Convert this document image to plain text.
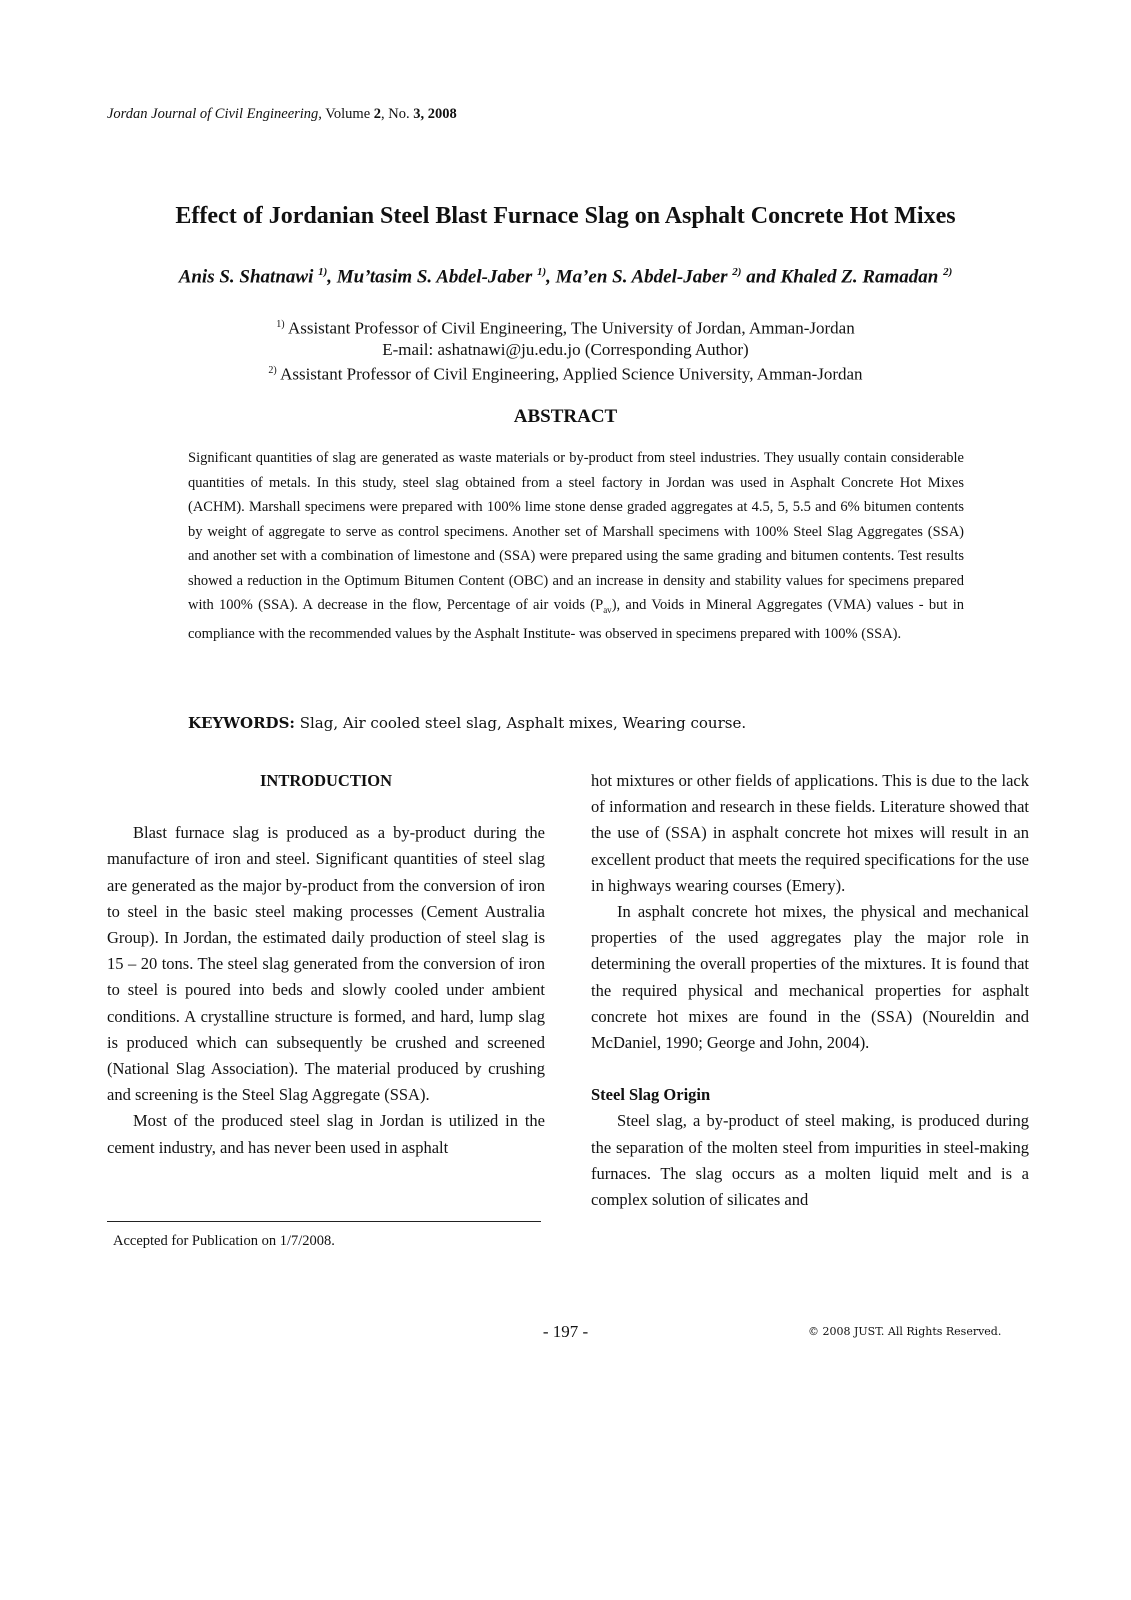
Jordan Journal of Civil Engineering, Volume 2, No. 3, 2008
Effect of Jordanian Steel Blast Furnace Slag on Asphalt Concrete Hot Mixes
Anis S. Shatnawi $^{1)}$, Mu’tasim S. Abdel-Jaber $^{1)}$, Ma’en S. Abdel-Jaber $^{2)}$ and Khaled Z. Ramadan $^{2)}$
$^{1)}$ Assistant Professor of Civil Engineering, The University of Jordan, Amman-Jordan
E-mail: ashatnawi@ju.edu.jo (Corresponding Author)
$^{2)}$ Assistant Professor of Civil Engineering, Applied Science University, Amman-Jordan
ABSTRACT
Significant quantities of slag are generated as waste materials or by-product from steel industries. They usually contain considerable quantities of metals. In this study, steel slag obtained from a steel factory in Jordan was used in Asphalt Concrete Hot Mixes (ACHM). Marshall specimens were prepared with 100% lime stone dense graded aggregates at 4.5, 5, 5.5 and 6% bitumen contents by weight of aggregate to serve as control specimens. Another set of Marshall specimens with 100% Steel Slag Aggregates (SSA) and another set with a combination of limestone and (SSA) were prepared using the same grading and bitumen contents. Test results showed a reduction in the Optimum Bitumen Content (OBC) and an increase in density and stability values for specimens prepared with 100% (SSA). A decrease in the flow, Percentage of air voids $(P_{av})$, and Voids in Mineral Aggregates (VMA) values - but in compliance with the recommended values by the Asphalt Institute- was observed in specimens prepared with 100% (SSA).
KEYWORDS: Slag, Air cooled steel slag, Asphalt mixes, Wearing course.
INTRODUCTION

Blast furnace slag is produced as a by-product during the manufacture of iron and steel. Significant quantities of steel slag are generated as the major by-product from the conversion of iron to steel in the basic steel making processes (Cement Australia Group). In Jordan, the estimated daily production of steel slag is 15 – 20 tons. The steel slag generated from the conversion of iron to steel is poured into beds and slowly cooled under ambient conditions. A crystalline structure is formed, and hard, lump slag is produced which can subsequently be crushed and screened (National Slag Association). The material produced by crushing and screening is the Steel Slag Aggregate (SSA).

Most of the produced steel slag in Jordan is utilized in the cement industry, and has never been used in asphalt

hot mixtures or other fields of applications. This is due to the lack of information and research in these fields. Literature showed that the use of (SSA) in asphalt concrete hot mixes will result in an excellent product that meets the required specifications for the use in highways wearing courses (Emery).

In asphalt concrete hot mixes, the physical and mechanical properties of the used aggregates play the major role in determining the overall properties of the mixtures. It is found that the required physical and mechanical properties for asphalt concrete hot mixes are found in the (SSA) (Noureldin and McDaniel, 1990; George and John, 2004).

Steel Slag Origin

Steel slag, a by-product of steel making, is produced during the separation of the molten steel from impurities in steel-making furnaces. The slag occurs as a molten liquid melt and is a complex solution of silicates and

Accepted for Publication on 1/7/2008.
- 197 -	© 2008 JUST. All Rights Reserved.
